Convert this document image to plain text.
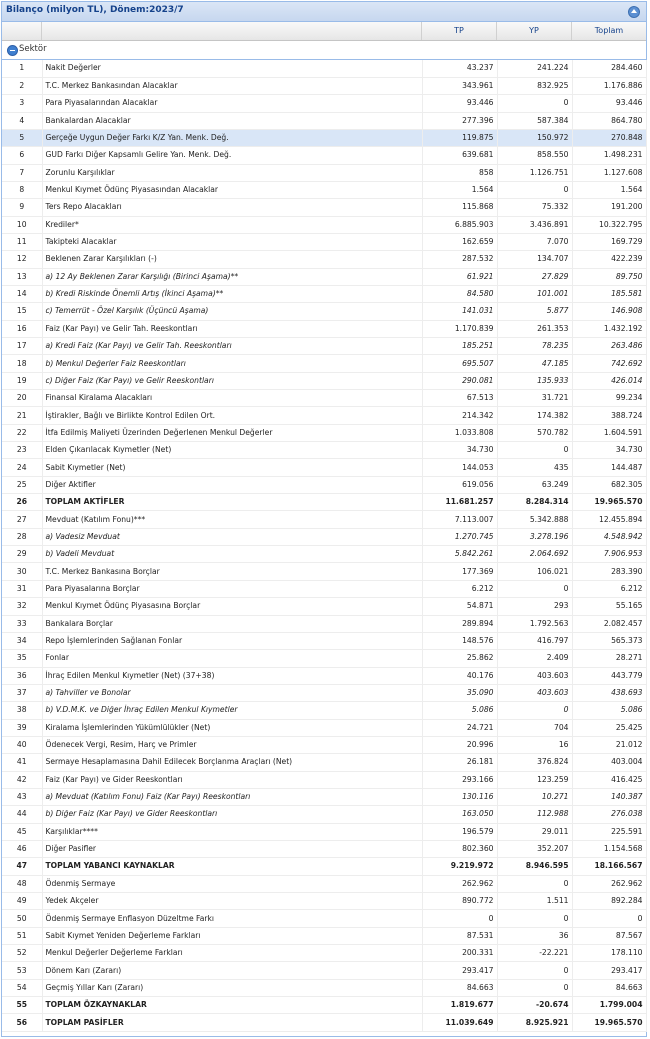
Bilanço (milyon TL), Dönem:2023/7
TP	YP	Toplam
Sektör
1	Nakit Değerler	43.237	241.224	284.460
2	T.C. Merkez Bankasından Alacaklar	343.961	832.925	1.176.886
3	Para Piyasalarından Alacaklar	93.446	0	93.446
4	Bankalardan Alacaklar	277.396	587.384	864.780
5	Gerçeğe Uygun Değer Farkı K/Z Yan. Menk. Değ.	119.875	150.972	270.848
6	GUD Farkı Diğer Kapsamlı Gelire Yan. Menk. Değ.	639.681	858.550	1.498.231
7	Zorunlu Karşılıklar	858	1.126.751	1.127.608
8	Menkul Kıymet Ödünç Piyasasından Alacaklar	1.564	0	1.564
9	Ters Repo Alacakları	115.868	75.332	191.200
10	Krediler*	6.885.903	3.436.891	10.322.795
11	Takipteki Alacaklar	162.659	7.070	169.729
12	Beklenen Zarar Karşılıkları (-)	287.532	134.707	422.239
13	a) 12 Ay Beklenen Zarar Karşılığı (Birinci Aşama)**	61.921	27.829	89.750
14	b) Kredi Riskinde Önemli Artış (İkinci Aşama)**	84.580	101.001	185.581
15	c) Temerrüt - Özel Karşılık (Üçüncü Aşama)	141.031	5.877	146.908
16	Faiz (Kar Payı) ve Gelir Tah. Reeskontları	1.170.839	261.353	1.432.192
17	a) Kredi Faiz (Kar Payı) ve Gelir Tah. Reeskontları	185.251	78.235	263.486
18	b) Menkul Değerler Faiz Reeskontları	695.507	47.185	742.692
19	c) Diğer Faiz (Kar Payı) ve Gelir Reeskontları	290.081	135.933	426.014
20	Finansal Kiralama Alacakları	67.513	31.721	99.234
21	İştirakler, Bağlı ve Birlikte Kontrol Edilen Ort.	214.342	174.382	388.724
22	İtfa Edilmiş Maliyeti Üzerinden Değerlenen Menkul Değerler	1.033.808	570.782	1.604.591
23	Elden Çıkarılacak Kıymetler (Net)	34.730	0	34.730
24	Sabit Kıymetler (Net)	144.053	435	144.487
25	Diğer Aktifler	619.056	63.249	682.305
26	TOPLAM AKTİFLER	11.681.257	8.284.314	19.965.570
27	Mevduat (Katılım Fonu)***	7.113.007	5.342.888	12.455.894
28	a) Vadesiz Mevduat	1.270.745	3.278.196	4.548.942
29	b) Vadeli Mevduat	5.842.261	2.064.692	7.906.953
30	T.C. Merkez Bankasına Borçlar	177.369	106.021	283.390
31	Para Piyasalarına Borçlar	6.212	0	6.212
32	Menkul Kıymet Ödünç Piyasasına Borçlar	54.871	293	55.165
33	Bankalara Borçlar	289.894	1.792.563	2.082.457
34	Repo İşlemlerinden Sağlanan Fonlar	148.576	416.797	565.373
35	Fonlar	25.862	2.409	28.271
36	İhraç Edilen Menkul Kıymetler (Net) (37+38)	40.176	403.603	443.779
37	a) Tahviller ve Bonolar	35.090	403.603	438.693
38	b) V.D.M.K. ve Diğer İhraç Edilen Menkul Kıymetler	5.086	0	5.086
39	Kiralama İşlemlerinden Yükümlülükler (Net)	24.721	704	25.425
40	Ödenecek Vergi, Resim, Harç ve Primler	20.996	16	21.012
41	Sermaye Hesaplamasına Dahil Edilecek Borçlanma Araçları (Net)	26.181	376.824	403.004
42	Faiz (Kar Payı) ve Gider Reeskontları	293.166	123.259	416.425
43	a) Mevduat (Katılım Fonu) Faiz (Kar Payı) Reeskontları	130.116	10.271	140.387
44	b) Diğer Faiz (Kar Payı) ve Gider Reeskontları	163.050	112.988	276.038
45	Karşılıklar****	196.579	29.011	225.591
46	Diğer Pasifler	802.360	352.207	1.154.568
47	TOPLAM YABANCI KAYNAKLAR	9.219.972	8.946.595	18.166.567
48	Ödenmiş Sermaye	262.962	0	262.962
49	Yedek Akçeler	890.772	1.511	892.284
50	Ödenmiş Sermaye Enflasyon Düzeltme Farkı	0	0	0
51	Sabit Kıymet Yeniden Değerleme Farkları	87.531	36	87.567
52	Menkul Değerler Değerleme Farkları	200.331	-22.221	178.110
53	Dönem Karı (Zararı)	293.417	0	293.417
54	Geçmiş Yıllar Karı (Zararı)	84.663	0	84.663
55	TOPLAM ÖZKAYNAKLAR	1.819.677	-20.674	1.799.004
56	TOPLAM PASİFLER	11.039.649	8.925.921	19.965.570
